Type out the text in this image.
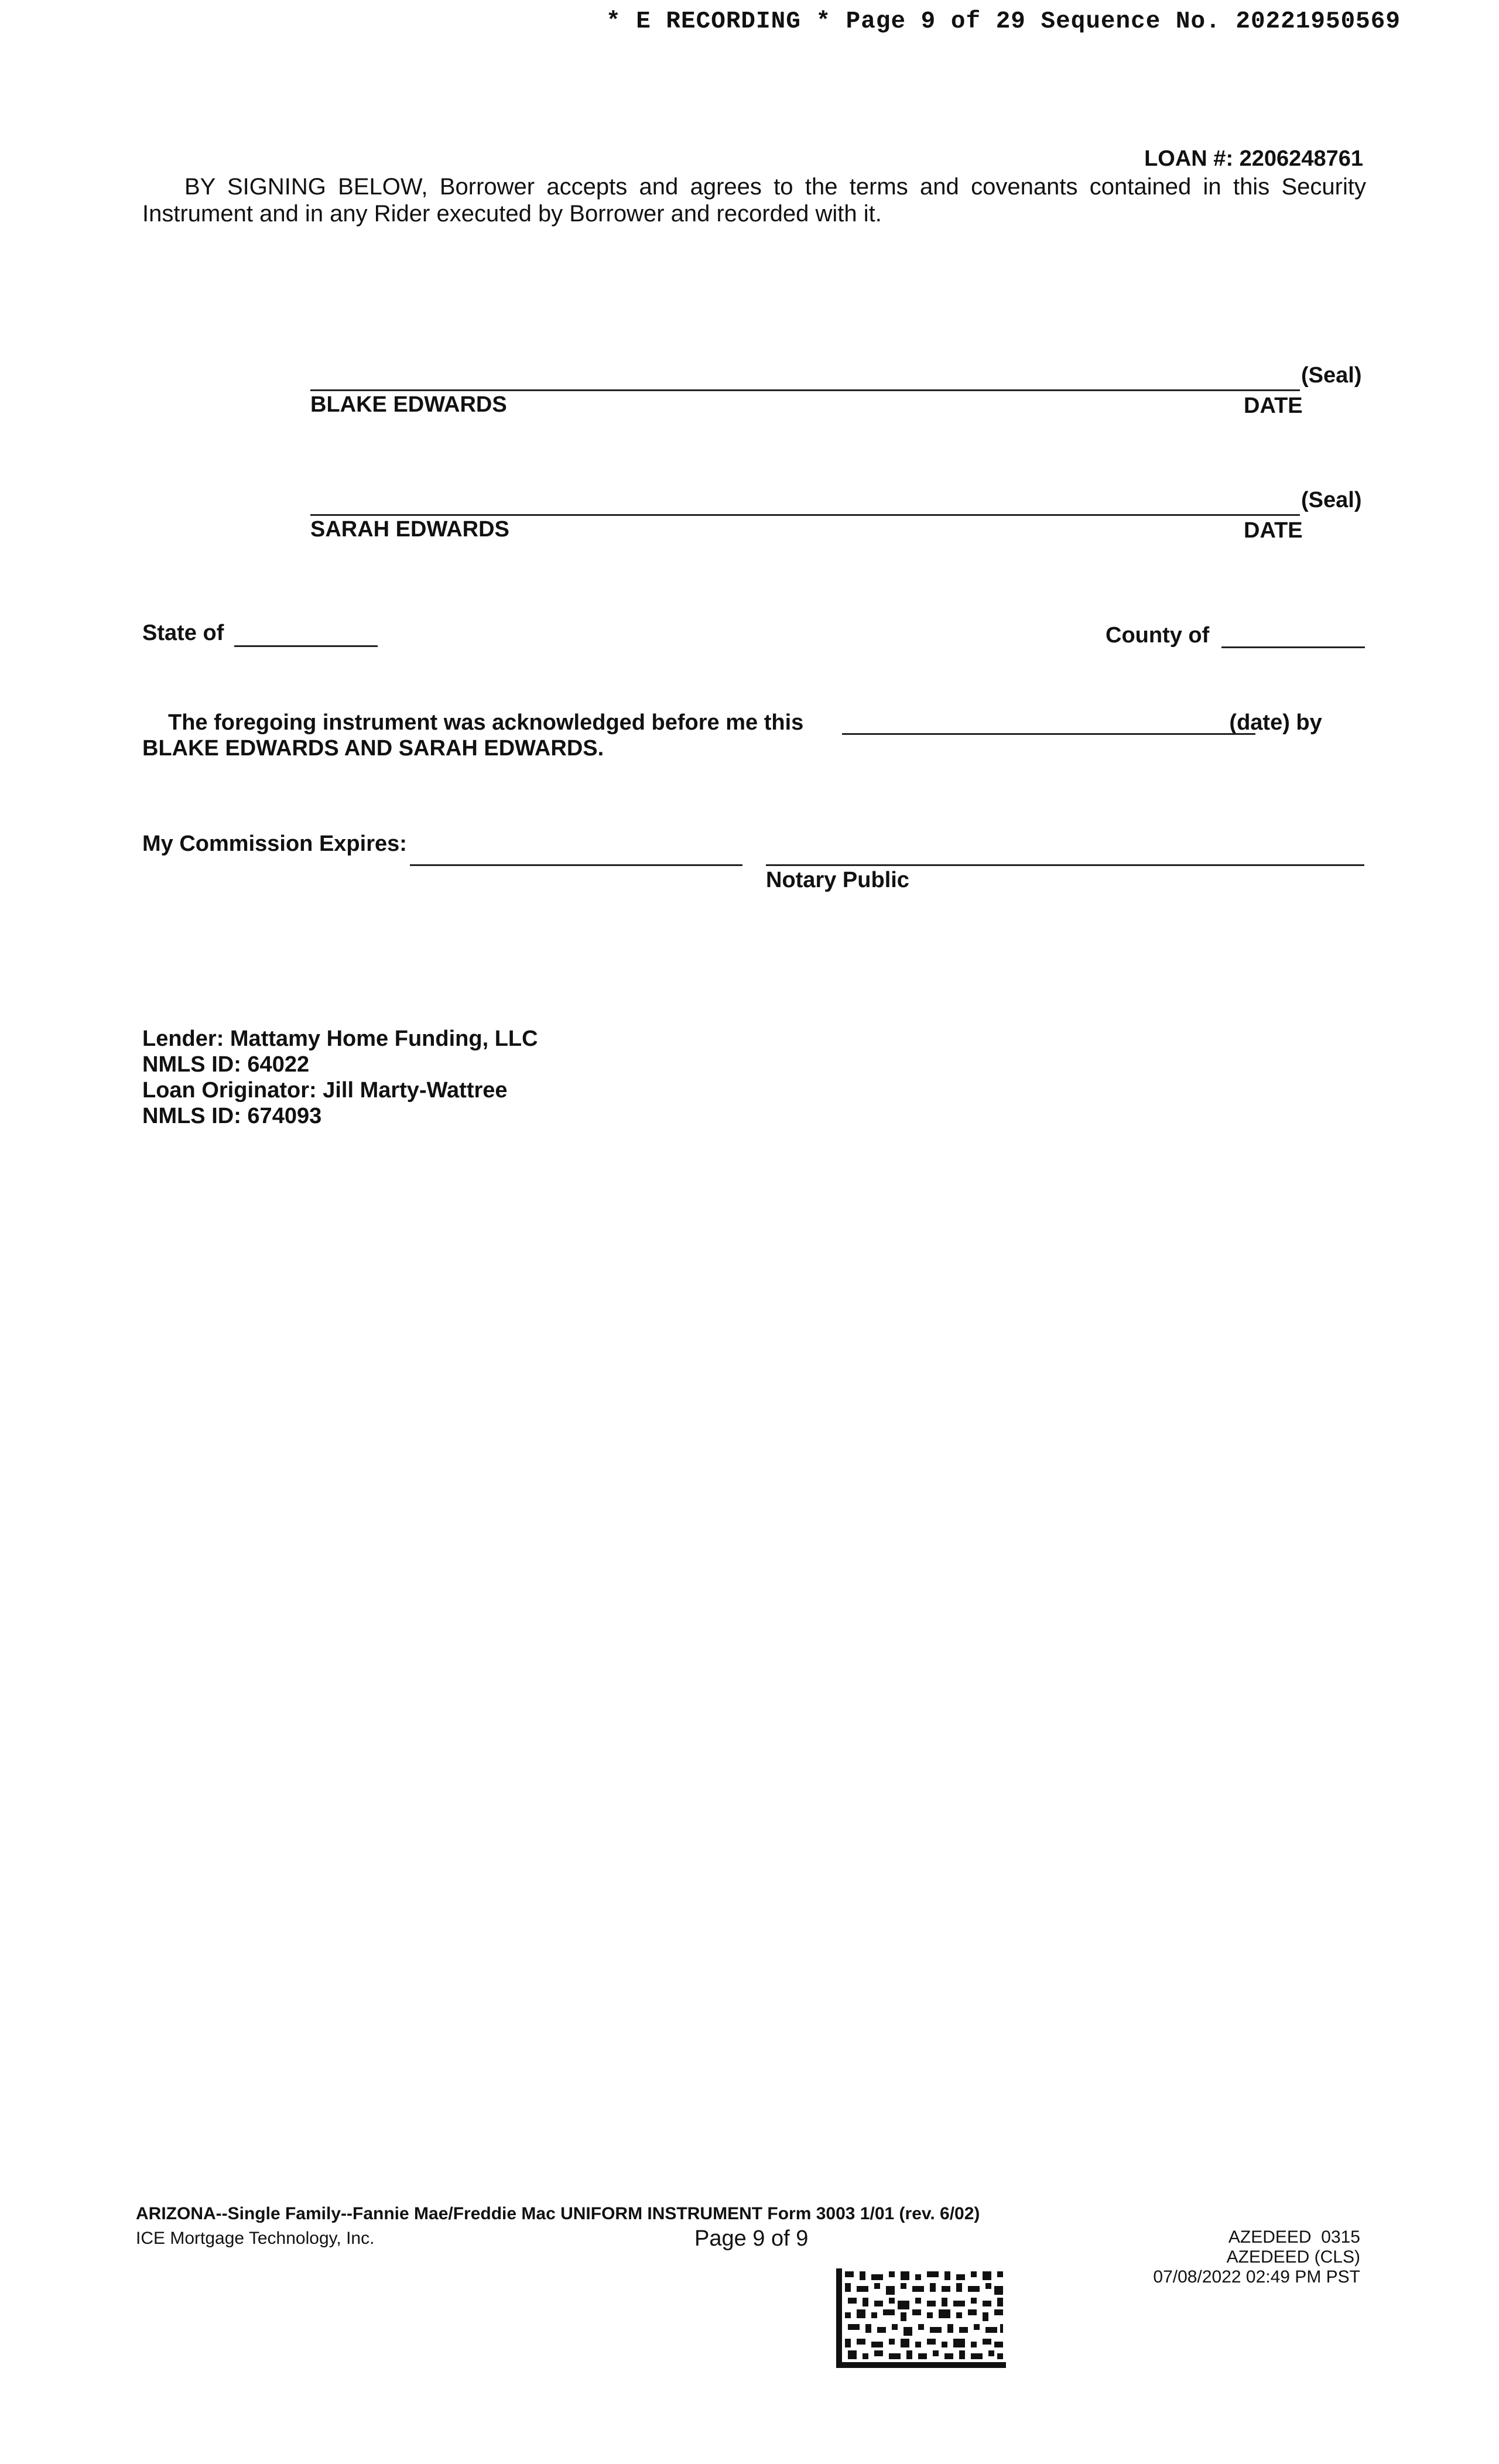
* E RECORDING * Page 9 of 29 Sequence No. 20221950569
LOAN #: 2206248761

BY SIGNING BELOW, Borrower accepts and agrees to the terms and covenants contained in this Security

Instrument and in any Rider executed by Borrower and recorded with it.

(Seal)
BLAKE EDWARDS	DATE
(Seal)
SARAH EDWARDS	DATE
State of	County of
The foregoing instrument was acknowledged before me this	(date) by
BLAKE EDWARDS AND SARAH EDWARDS.
My Commission Expires:
Notary Public
Lender: Mattamy Home Funding, LLC
NMLS ID: 64022
Loan Originator: Jill Marty-Wattree
NMLS ID: 674093
ARIZONA--Single Family--Fannie Mae/Freddie Mac UNIFORM INSTRUMENT Form 3003 1/01 (rev. 6/02)
ICE Mortgage Technology, Inc.	Page 9 of 9	AZEDEED  0315
AZEDEED (CLS)
07/08/2022 02:49 PM PST
